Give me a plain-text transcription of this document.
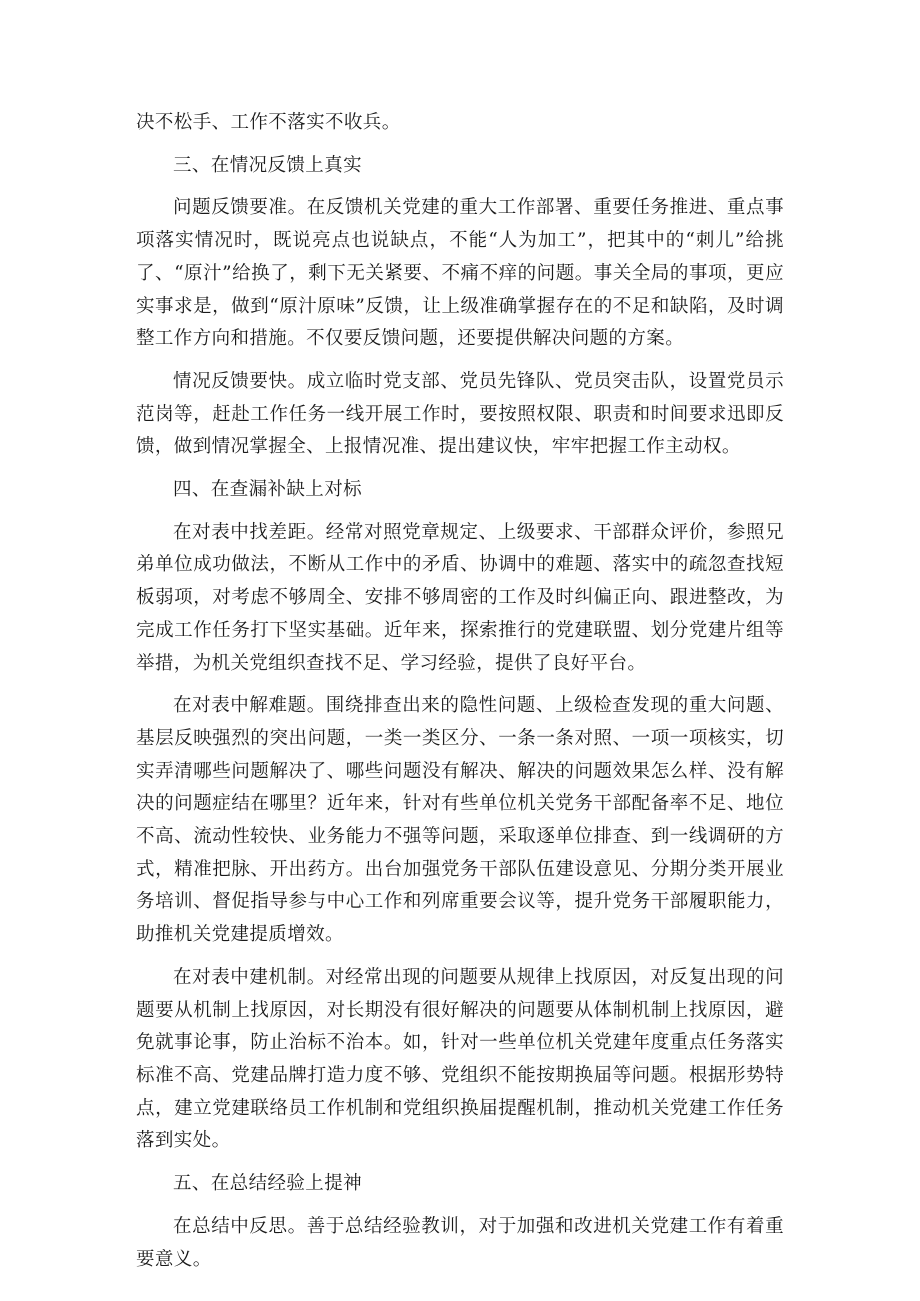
决不松手、工作不落实不收兵。

三、在情况反馈上真实

问题反馈要准。在反馈机关党建的重大工作部署、重要任务推进、重点事项落实情况时，既说亮点也说缺点，不能“人为加工”，把其中的“刺儿”给挑了、“原汁”给换了，剩下无关紧要、不痛不痒的问题。事关全局的事项，更应实事求是，做到“原汁原味”反馈，让上级准确掌握存在的不足和缺陷，及时调整工作方向和措施。不仅要反馈问题，还要提供解决问题的方案。

情况反馈要快。成立临时党支部、党员先锋队、党员突击队，设置党员示范岗等，赶赴工作任务一线开展工作时，要按照权限、职责和时间要求迅即反馈，做到情况掌握全、上报情况准、提出建议快，牢牢把握工作主动权。

四、在查漏补缺上对标

在对表中找差距。经常对照党章规定、上级要求、干部群众评价，参照兄弟单位成功做法，不断从工作中的矛盾、协调中的难题、落实中的疏忽查找短板弱项，对考虑不够周全、安排不够周密的工作及时纠偏正向、跟进整改，为完成工作任务打下坚实基础。近年来，探索推行的党建联盟、划分党建片组等举措，为机关党组织查找不足、学习经验，提供了良好平台。

在对表中解难题。围绕排查出来的隐性问题、上级检查发现的重大问题、基层反映强烈的突出问题，一类一类区分、一条一条对照、一项一项核实，切实弄清哪些问题解决了、哪些问题没有解决、解决的问题效果怎么样、没有解决的问题症结在哪里？近年来，针对有些单位机关党务干部配备率不足、地位不高、流动性较快、业务能力不强等问题，采取逐单位排查、到一线调研的方式，精准把脉、开出药方。出台加强党务干部队伍建设意见、分期分类开展业务培训、督促指导参与中心工作和列席重要会议等，提升党务干部履职能力，助推机关党建提质增效。

在对表中建机制。对经常出现的问题要从规律上找原因，对反复出现的问题要从机制上找原因，对长期没有很好解决的问题要从体制机制上找原因，避免就事论事，防止治标不治本。如，针对一些单位机关党建年度重点任务落实标准不高、党建品牌打造力度不够、党组织不能按期换届等问题。根据形势特点，建立党建联络员工作机制和党组织换届提醒机制，推动机关党建工作任务落到实处。

五、在总结经验上提神

在总结中反思。善于总结经验教训，对于加强和改进机关党建工作有着重要意义。
